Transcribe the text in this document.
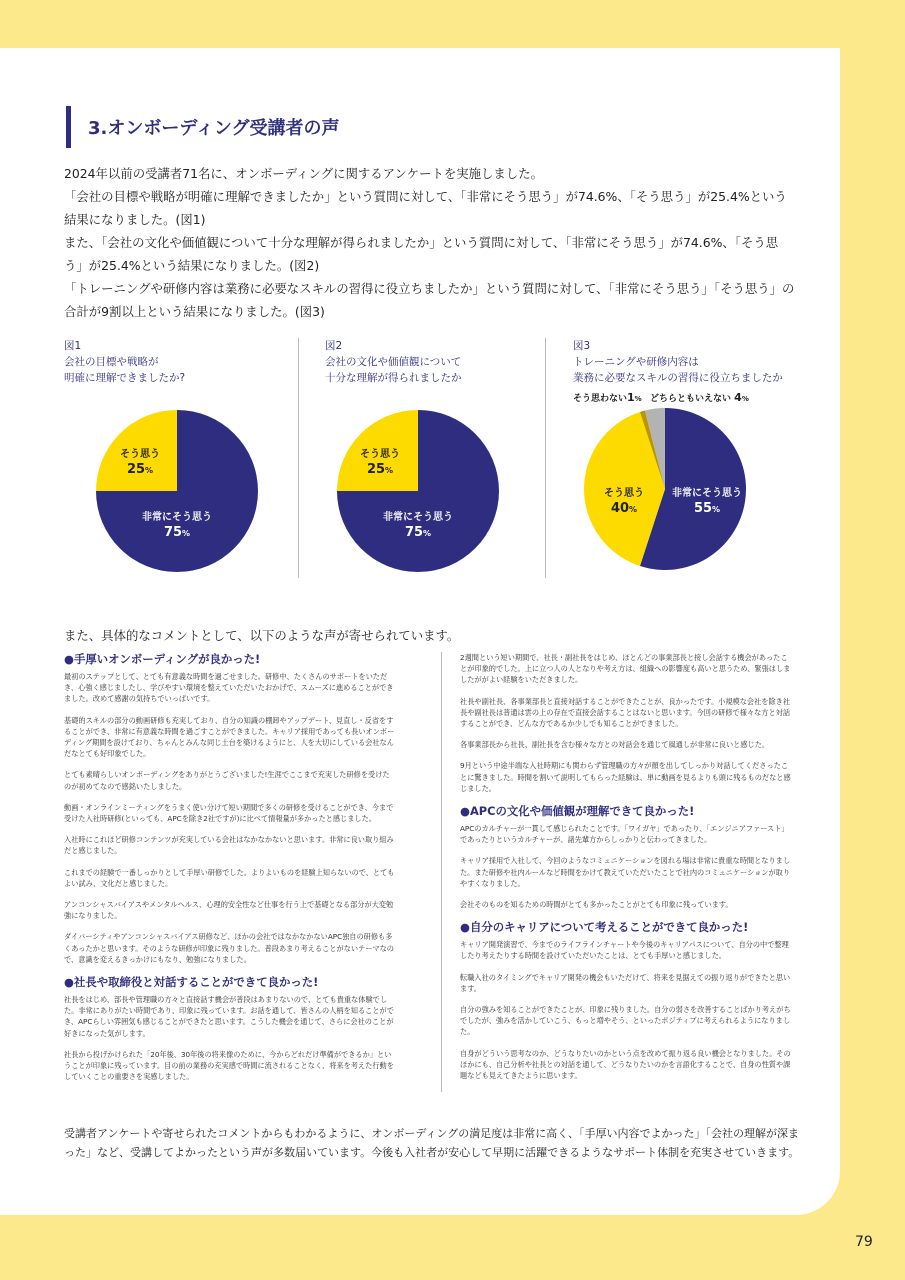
3.オンボーディング受講者の声

2024年以前の受講者71名に、オンボーディングに関するアンケートを実施しました。

「会社の目標や戦略が明確に理解できましたか」という質問に対して、「非常にそう思う」が74.6%、「そう思う」が25.4%という結果になりました。(図1)

また、「会社の文化や価値観について十分な理解が得られましたか」という質問に対して、「非常にそう思う」が74.6%、「そう思う」が25.4%という結果になりました。(図2)

「トレーニングや研修内容は業務に必要なスキルの習得に役立ちましたか」という質問に対して、「非常にそう思う」「そう思う」の合計が9割以上という結果になりました。(図3)

図1
会社の目標や戦略が
明確に理解できましたか?
そう思う
25%
非常にそう思う
75%
図2
会社の文化や価値観について
十分な理解が得られましたか
そう思う
25%
非常にそう思う
75%
図3
トレーニングや研修内容は
業務に必要なスキルの習得に役立ちましたか
そう思わない1% どちらともいえない 4%
そう思う
40%
非常にそう思う
55%
また、具体的なコメントとして、以下のような声が寄せられています。
●手厚いオンボーディングが良かった!

最初のステップとして、とても有意義な時間を過ごせました。研修中、たくさんのサポートをいただき、心強く感じましたし、学びやすい環境を整えていただいたおかげで、スムーズに進めることができました。改めて感謝の気持ちでいっぱいです。

基礎的スキルの部分の動画研修も充実しており、自分の知識の棚卸やアップデート、見直し・反省をすることができ、非常に有意義な時間を過ごすことができました。キャリア採用であっても長いオンボーディング期間を設けており、ちゃんとみんな同じ土台を築けるようにと、人を大切にしている会社なんだなとても好印象でした。

とても素晴らしいオンボーディングをありがとうございました!生涯でここまで充実した研修を受けたのが初めてなので感銘いたしました。

動画・オンラインミーティングをうまく使い分けて短い期間で多くの研修を受けることができ、今まで受けた入社時研修(といっても、APCを除き2社ですが)に比べて情報量が多かったと感じました。

入社時にこれほど研修コンテンツが充実している会社はなかなかないと思います。非常に良い取り組みだと感じました。

これまでの経験で一番しっかりとして手厚い研修でした。よりよいものを経験上知らないので、とてもよい試み、文化だと感じました。

アンコンシャスバイアスやメンタルヘルス、心理的安全性など仕事を行う上で基礎となる部分が大変勉強になりました。

ダイバーシティやアンコンシャスバイアス研修など、ほかの会社ではなかなかないAPC独自の研修も多くあったかと思います。そのような研修が印象に残りました。普段あまり考えることがないテーマなので、意識を変えるきっかけにもなり、勉強になりました。

●社長や取締役と対話することができて良かった!

社長をはじめ、部長や管理職の方々と直接話す機会が普段はあまりないので、とても貴重な体験でした。非常にありがたい時間であり、印象に残っています。お話を通して、皆さんの人柄を知ることができ、APCらしい雰囲気も感じることができたと思います。こうした機会を通じて、さらに会社のことが好きになった気がします。

社長から投げかけられた「20年後、30年後の将来像のために、今からどれだけ準備ができるか」ということが印象に残っています。目の前の業務の充実感で時間に流されることなく、将来を考えた行動をしていくことの重要さを実感しました。

2週間という短い期間で、社長・副社長をはじめ、ほとんどの事業部長と接し会話する機会があったことが印象的でした。上に立つ人の人となりや考え方は、組織への影響度も高いと思うため、緊張はしましたががよい経験をいただきました。

社長や副社長、各事業部長と直接対話することができたことが、良かったです。小規模な会社を除き社長や副社長は普通は雲の上の存在で直接会話することはないと思います。今回の研修で様々な方と対話することができ、どんな方であるか少しでも知ることができました。

各事業部長から社長、副社長を含む様々な方との対話会を通じて風通しが非常に良いと感じた。

9月という中途半端な入社時期にも関わらず管理職の方々が顔を出してしっかり対話してくださったことに驚きました。時間を割いて説明してもらった経験は、単に動画を見るよりも頭に残るものだなと感じました。

●APCの文化や価値観が理解できて良かった!

APCのカルチャーが一貫して感じられたことです。「ワイガヤ」であったり、「エンジニアファースト」であったりというカルチャーが、諸先輩方からしっかりと伝わってきました。

キャリア採用で入社して、今回のようなコミュニケーションを図れる場は非常に貴重な時間となりました。また研修や社内ルールなど時間をかけて教えていただいたことで社内のコミュニケーションが取りやすくなりました。

会社そのものを知るための時間がとても多かったことがとても印象に残っています。

●自分のキャリアについて考えることができて良かった!

キャリア開発演習で、今までのライフラインチャートや今後のキャリアパスについて、自分の中で整理したり考えたりする時間を設けていただいたことは、とても手厚いと感じました。

転職入社のタイミングでキャリア開発の機会もいただけて、将来を見据えての振り返りができたと思います。

自分の強みを知ることができたことが、印象に残りました。自分の弱さを改善することばかり考えがちでしたが、強みを活かしていこう、もっと増やそう、といったポジティブに考えられるようになりました。

自身がどういう思考なのか、どうなりたいのかという点を改めて振り返る良い機会となりました。そのほかにも、自己分析や社長との対話を通して、どうなりたいのかを言語化することで、自身の性質や課題なども見えてきたように思います。

受講者アンケートや寄せられたコメントからもわかるように、オンボーディングの満足度は非常に高く、「手厚い内容でよかった」「会社の理解が深まった」など、受講してよかったという声が多数届いています。今後も入社者が安心して早期に活躍できるようなサポート体制を充実させていきます。
79
